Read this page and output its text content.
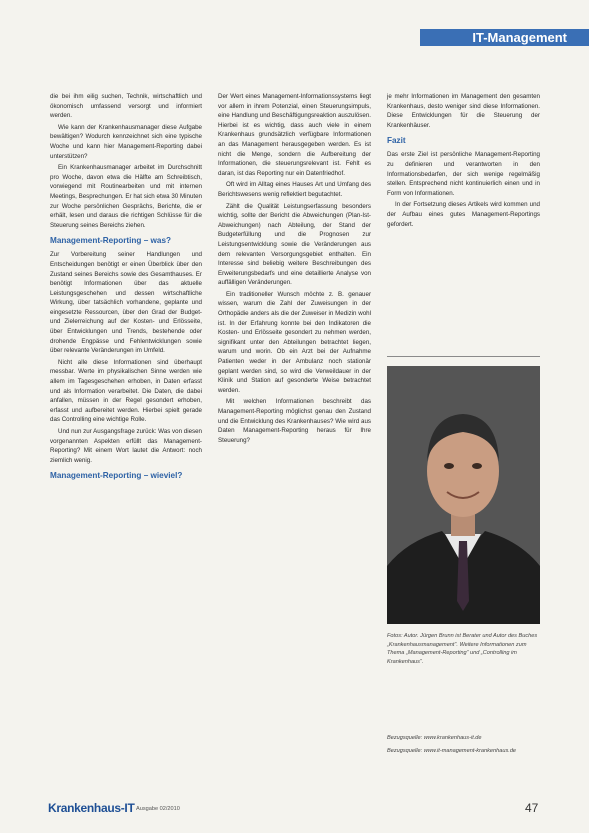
IT-Management

die bei ihm eilig suchen, Technik, wirtschaftlich und ökonomisch umfassend versorgt und informiert werden.

Wie kann der Krankenhausmanager diese Aufgabe bewältigen? Wodurch kennzeichnet sich eine typische Woche und kann hier Management-Reporting dabei unterstützen?

Ein Krankenhausmanager arbeitet im Durchschnitt pro Woche, davon etwa die Hälfte am Schreibtisch, vorwiegend mit Routinearbeiten und mit internen Meetings, Besprechungen. Er hat sich etwa 30 Minuten zur Woche persönlichen Gesprächs, Berichte, die er erhält, lesen und daraus die richtigen Schlüsse für die Steuerung seines Bereichs ziehen.

Management-Reporting – was?

Zur Vorbereitung seiner Handlungen und Entscheidungen benötigt er einen Überblick über den Zustand seines Bereichs sowie des Gesamthauses. Er benötigt Informationen über das aktuelle Leistungsgeschehen und dessen wirtschaftliche Wirkung, über tatsächlich vorhandene, geplante und eingesetzte Ressourcen, über den Grad der Budget- und Zielerreichung auf der Kosten- und Erlösseite, über Entwicklungen und Trends, bestehende oder drohende Engpässe und Fehlentwicklungen sowie über relevante Veränderungen im Umfeld.

Nicht alle diese Informationen sind überhaupt messbar. Werte im physikalischen Sinne werden wie allem im Tagesgeschehen erhoben, in Daten erfasst und als Information verarbeitet. Die Daten, die dabei anfallen, müssen in der Regel gesondert erhoben, erfasst und aufbereitet werden. Hierbei spielt gerade das Controlling eine wichtige Rolle.

Und nun zur Ausgangsfrage zurück: Was von diesen vorgenannten Aspekten erfüllt das Management-Reporting? Mit einem Wort lautet die Antwort: noch ziemlich wenig.

Management-Reporting – wieviel?

Der Wert eines Management-Informationssystems liegt vor allem in ihrem Potenzial, einen Steuerungsimpuls, eine Handlung und Beschäftigungsreaktion auszulösen. Hierbei ist es wichtig, dass auch viele in einem Krankenhaus grundsätzlich verfügbare Informationen an das Management herausgegeben werden. Es ist nicht die Menge, sondern die Aufbereitung der Informationen, die steuerungsrelevant ist. Fehlt es daran, ist das Reporting nur ein Datenfriedhof.

Oft wird im Alltag eines Hauses Art und Umfang des Berichtswesens wenig reflektiert begutachtet.

Zählt die Qualität Leistungserfassung besonders wichtig, sollte der Bericht die Abweichungen (Plan-Ist-Abweichungen) nach Abteilung, der Stand der Budgeterfüllung und die Prognosen zur Leistungsentwicklung sowie die Veränderungen aus dem relevanten Versorgungsgebiet enthalten. Ein Interesse sind beliebig weitere Beschreibungen des Erweiterungsbedarfs und eine detaillierte Analyse von auffälligen Veränderungen.

Ein traditioneller Wunsch möchte z. B. genauer wissen, warum die Zahl der Zuweisungen in der Orthopädie anders als die der Zuweiser in Medizin wohl ist. In der Erfahrung konnte bei den Indikatoren die Kosten- und Erlösseite gesondert zu nehmen werden, signifikant unter den Abteilungen betrachtet liegen, warum und worin. Ob ein Arzt bei der Aufnahme Patienten weder in der Ambulanz noch stationär geplant werden sind, so wird die Verweildauer in der Klinik und Station auf gesonderte Weise betrachtet werden.

Mit welchen Informationen beschreibt das Management-Reporting möglichst genau den Zustand und die Entwicklung des Krankenhauses? Wie wird aus Daten Management-Reporting heraus für Ihre Steuerung?

je mehr Informationen im Management den gesamten Krankenhaus, desto weniger sind diese Informationen. Diese Entwicklungen für die Steuerung der Krankenhäuser.

Fazit

Das erste Ziel ist persönliche Management-Reporting zu definieren und verantworten in den Informationsbedarfen, der sich wenige regelmäßig stellen. Entsprechend nicht kontinuierlich einen und in Form von Informationen.

In der Fortsetzung dieses Artikels wird kommen und der Aufbau eines gutes Management-Reportings gefordert.

Fotos: Autor. Jürgen Brunn ist Berater und Autor des Buches „Krankenhausmanagement“. Weitere Informationen zum Thema „Management-Reporting“ und „Controlling im Krankenhaus“.

Bezugsquelle: www.krankenhaus-it.de

Bezugsquelle: www.it-management-krankenhaus.de

Krankenhaus-IT Ausgabe 02/2010	47
